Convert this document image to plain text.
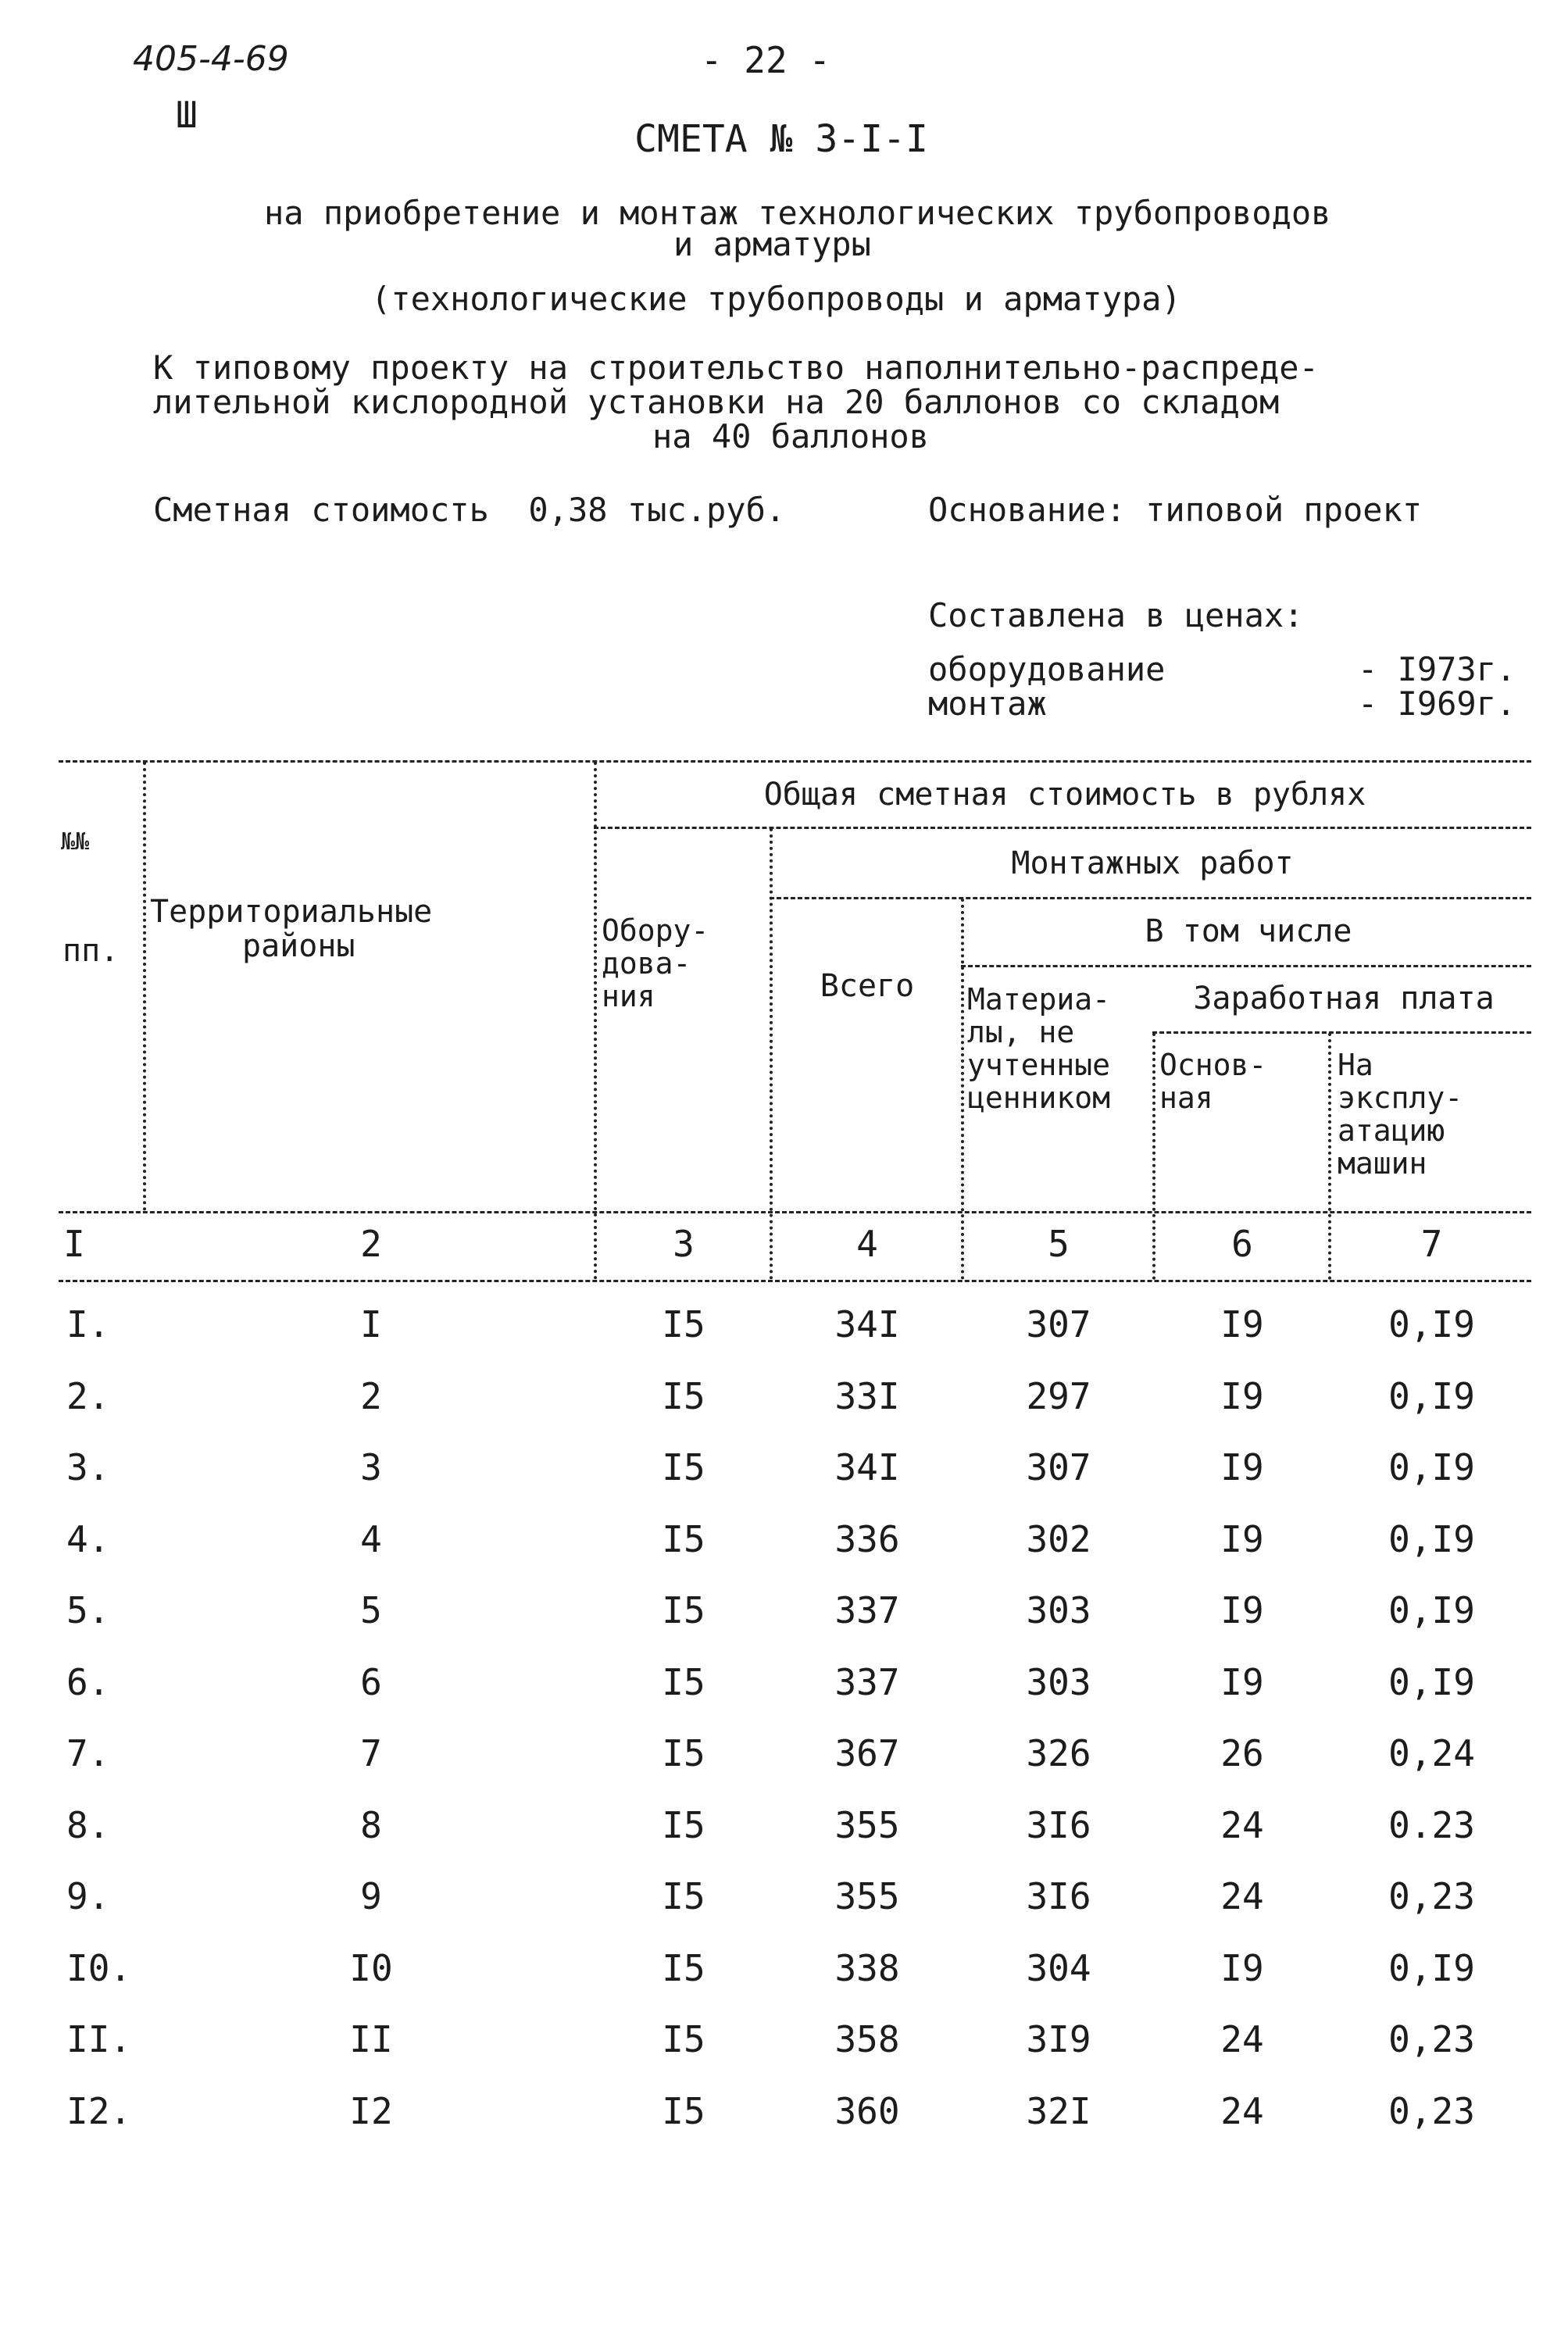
405-4-69
Ш
- 22 -
СМЕТА № 3-I-I
на приобретение и монтаж технологических трубопроводов
и арматуры
(технологические трубопроводы и арматура)
К типовому проекту на строительство наполнительно-распреде-
лительной кислородной установки на 20 баллонов со складом
на 40 баллонов
Сметная стоимость  0,38 тыс.руб.	Основание: типовой проект
Составлена в ценах:
оборудование	- I973г.
монтаж	- I969г.
№№
пп.
Территориальные
районы
Общая сметная стоимость в рублях
Обору-
дова-
ния
Монтажных работ
Всего
В том числе
Материа-
лы, не
учтенные
ценником
Заработная плата
Основ-
ная
На
эксплу-
атацию
машин
I	2	3	4	5	6	7
I.	I	I5	34I	307	I9	0,I9
2.	2	I5	33I	297	I9	0,I9
3.	3	I5	34I	307	I9	0,I9
4.	4	I5	336	302	I9	0,I9
5.	5	I5	337	303	I9	0,I9
6.	6	I5	337	303	I9	0,I9
7.	7	I5	367	326	26	0,24
8.	8	I5	355	3I6	24	0.23
9.	9	I5	355	3I6	24	0,23
I0.	I0	I5	338	304	I9	0,I9
II.	II	I5	358	3I9	24	0,23
I2.	I2	I5	360	32I	24	0,23
